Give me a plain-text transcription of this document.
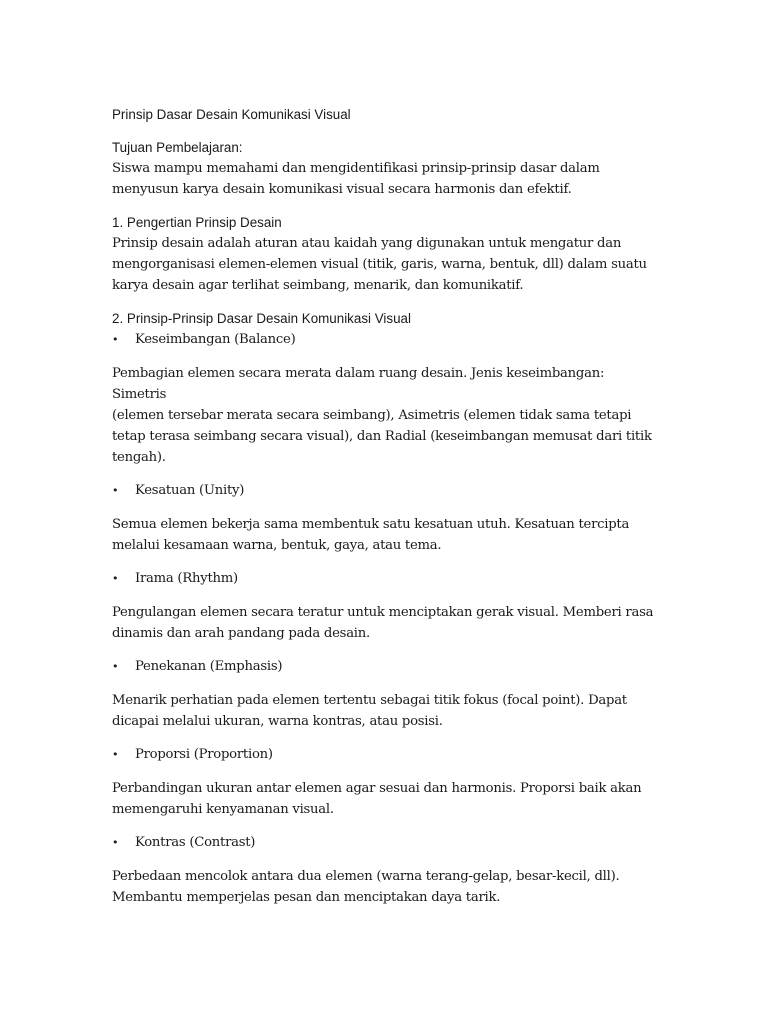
Prinsip Dasar Desain Komunikasi Visual

Tujuan Pembelajaran:

Siswa mampu memahami dan mengidentifikasi prinsip-prinsip dasar dalam
menyusun karya desain komunikasi visual secara harmonis dan efektif.

1. Pengertian Prinsip Desain

Prinsip desain adalah aturan atau kaidah yang digunakan untuk mengatur dan
mengorganisasi elemen-elemen visual (titik, garis, warna, bentuk, dll) dalam suatu
karya desain agar terlihat seimbang, menarik, dan komunikatif.

2. Prinsip-Prinsip Dasar Desain Komunikasi Visual

•	Keseimbangan (Balance)
Pembagian elemen secara merata dalam ruang desain. Jenis keseimbangan: Simetris
(elemen tersebar merata secara seimbang), Asimetris (elemen tidak sama tetapi
tetap terasa seimbang secara visual), dan Radial (keseimbangan memusat dari titik
tengah).
•	Kesatuan (Unity)
Semua elemen bekerja sama membentuk satu kesatuan utuh. Kesatuan tercipta
melalui kesamaan warna, bentuk, gaya, atau tema.
•	Irama (Rhythm)
Pengulangan elemen secara teratur untuk menciptakan gerak visual. Memberi rasa
dinamis dan arah pandang pada desain.
•	Penekanan (Emphasis)
Menarik perhatian pada elemen tertentu sebagai titik fokus (focal point). Dapat
dicapai melalui ukuran, warna kontras, atau posisi.
•	Proporsi (Proportion)
Perbandingan ukuran antar elemen agar sesuai dan harmonis. Proporsi baik akan
memengaruhi kenyamanan visual.
•	Kontras (Contrast)
Perbedaan mencolok antara dua elemen (warna terang-gelap, besar-kecil, dll).
Membantu memperjelas pesan dan menciptakan daya tarik.
